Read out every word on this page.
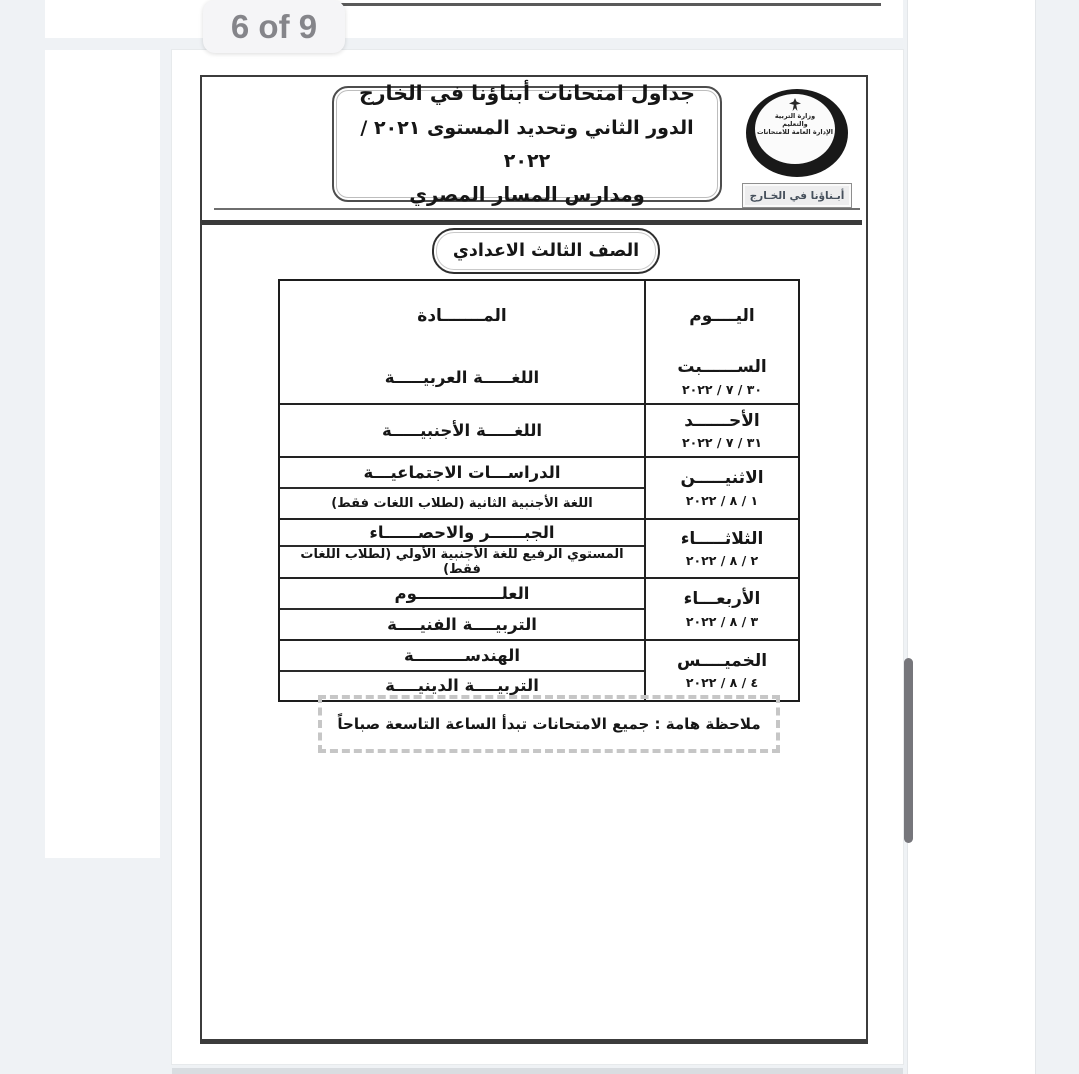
جداول امتحانات أبناؤنا في الخارج
الدور الثاني وتحديد المستوى ٢٠٢١ / ٢٠٢٢
ومدارس المسار المصري
وزارة التربية
والتعليم
الإدارة العامة للامتحانات
أبـناؤنا في الخـارج
الصف الثالث الاعدادي
اليــــوم
المـــــــادة
الســــــبت
٣٠ / ٧ / ٢٠٢٢
اللغـــــة العربيـــــة
الأحــــــد
٣١ / ٧ / ٢٠٢٢
اللغـــــة الأجنبيـــــة
الاثنيـــــن
١ / ٨ / ٢٠٢٢
الدراســـات الاجتماعيـــة
اللغة الأجنبية الثانية (لطلاب اللغات فقط)
الثلاثـــــاء
٢ / ٨ / ٢٠٢٢
الجبــــــر والاحصــــــاء
المستوي الرفيع للغة الأجنبية الأولي (لطلاب اللغات فقط)
الأربعـــاء
٣ / ٨ / ٢٠٢٢
العلـــــــــــــــوم
التربيــــة الفنيــــة
الخميــــس
٤ / ٨ / ٢٠٢٢
الهندســـــــــة
التربيــــة الدينيــــة
ملاحظة هامة : جميع الامتحانات تبدأ الساعة التاسعة صباحاً
6 of 9
